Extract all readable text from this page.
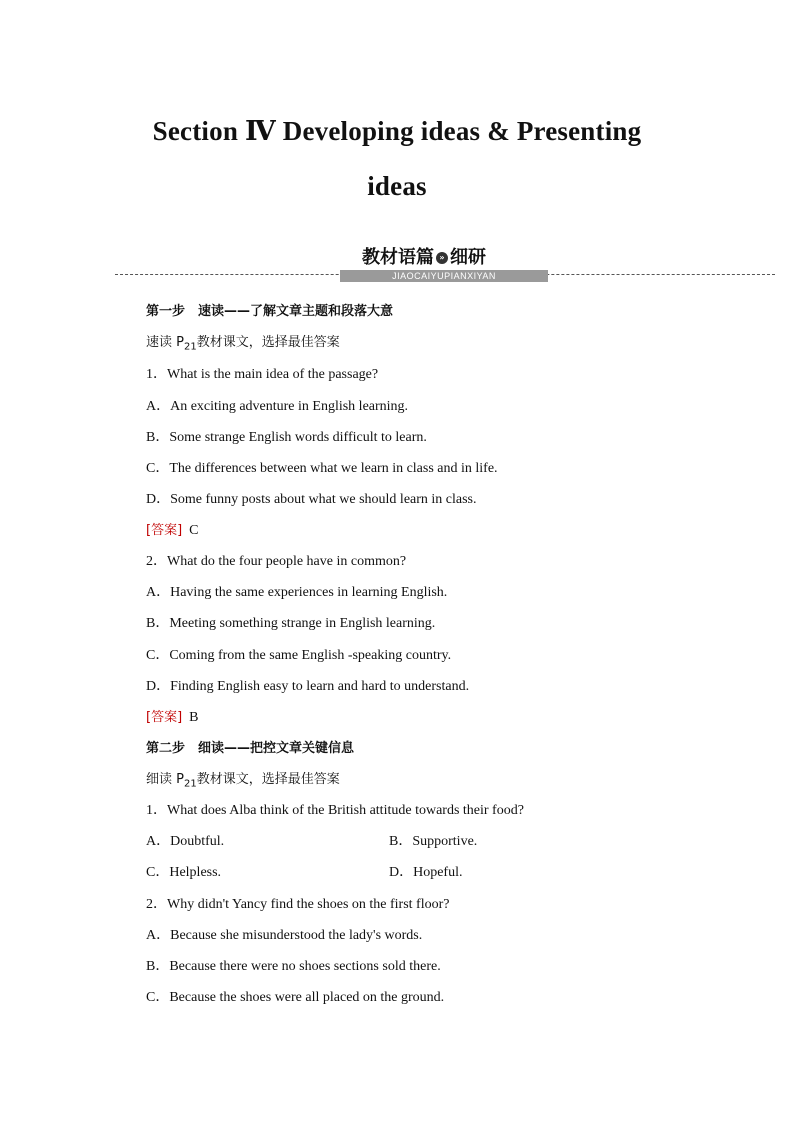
Section Ⅳ Developing ideas & Presenting
ideas
教材语篇 » 细研
JIAOCAIYUPIANXIYAN
第一步　速读——了解文章主题和段落大意
速读 $P_{21}$教材课文，选择最佳答案
1．What is the main idea of the passage?
A．An exciting adventure in English learning.
B．Some strange English words difficult to learn.
C．The differences between what we learn in class and in life.
D．Some funny posts about what we should learn in class.
[答案] C
2．What do the four people have in common?
A．Having the same experiences in learning English.
B．Meeting something strange in English learning.
C．Coming from the same English -speaking country.
D．Finding English easy to learn and hard to understand.
[答案] B
第二步　细读——把控文章关键信息
细读 $P_{21}$教材课文，选择最佳答案
1．What does Alba think of the British attitude towards their food?
A．Doubtful.	B．Supportive.
C．Helpless.	D．Hopeful.
2．Why didn't Yancy find the shoes on the first floor?
A．Because she misunderstood the lady's words.
B．Because there were no shoes sections sold there.
C．Because the shoes were all placed on the ground.
